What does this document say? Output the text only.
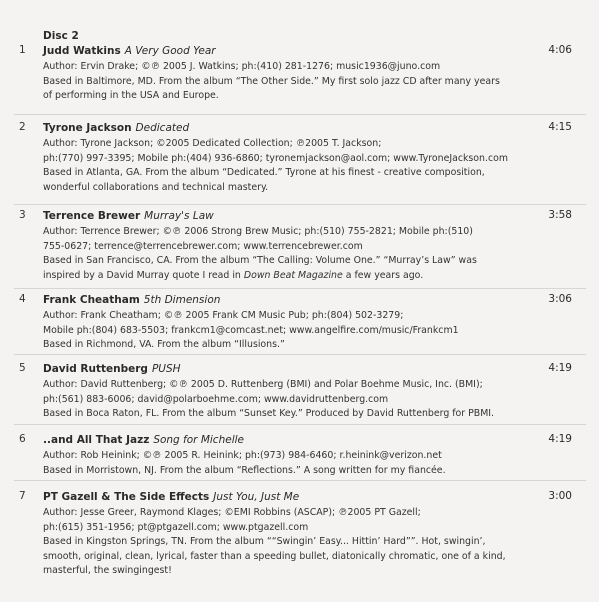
Disc 2
1 Judd Watkins A Very Good Year	4:06

Author: Ervin Drake; ©℗ 2005 J. Watkins; ph:(410) 281-1276; music1936@juno.com

Based in Baltimore, MD. From the album “The Other Side.” My first solo jazz CD after many years

of performing in the USA and Europe.

2 Tyrone Jackson Dedicated	4:15

Author: Tyrone Jackson; ©2005 Dedicated Collection; ℗2005 T. Jackson;

ph:(770) 997-3395; Mobile ph:(404) 936-6860; tyronemjackson@aol.com; www.TyroneJackson.com

Based in Atlanta, GA. From the album “Dedicated.” Tyrone at his finest - creative composition,

wonderful collaborations and technical mastery.

3 Terrence Brewer Murray's Law	3:58

Author: Terrence Brewer; ©℗ 2006 Strong Brew Music; ph:(510) 755-2821; Mobile ph:(510)

755-0627; terrence@terrencebrewer.com; www.terrencebrewer.com

Based in San Francisco, CA. From the album “The Calling: Volume One.” “Murray’s Law” was

inspired by a David Murray quote I read in Down Beat Magazine a few years ago.

4 Frank Cheatham 5th Dimension	3:06

Author: Frank Cheatham; ©℗ 2005 Frank CM Music Pub; ph:(804) 502-3279;

Mobile ph:(804) 683-5503; frankcm1@comcast.net; www.angelfire.com/music/Frankcm1

Based in Richmond, VA. From the album “Illusions.”

5 David Ruttenberg PUSH	4:19

Author: David Ruttenberg; ©℗ 2005 D. Ruttenberg (BMI) and Polar Boehme Music, Inc. (BMI);

ph:(561) 883-6006; david@polarboehme.com; www.davidruttenberg.com

Based in Boca Raton, FL. From the album “Sunset Key.” Produced by David Ruttenberg for PBMI.

6 ..and All That Jazz Song for Michelle	4:19

Author: Rob Heinink; ©℗ 2005 R. Heinink; ph:(973) 984-6460; r.heinink@verizon.net

Based in Morristown, NJ. From the album “Reflections.” A song written for my fiancée.

7 PT Gazell & The Side Effects Just You, Just Me	3:00

Author: Jesse Greer, Raymond Klages; ©EMI Robbins (ASCAP); ℗2005 PT Gazell;

ph:(615) 351-1956; pt@ptgazell.com; www.ptgazell.com

Based in Kingston Springs, TN. From the album ““Swingin’ Easy... Hittin’ Hard””. Hot, swingin’,

smooth, original, clean, lyrical, faster than a speeding bullet, diatonically chromatic, one of a kind,

masterful, the swingingest!
